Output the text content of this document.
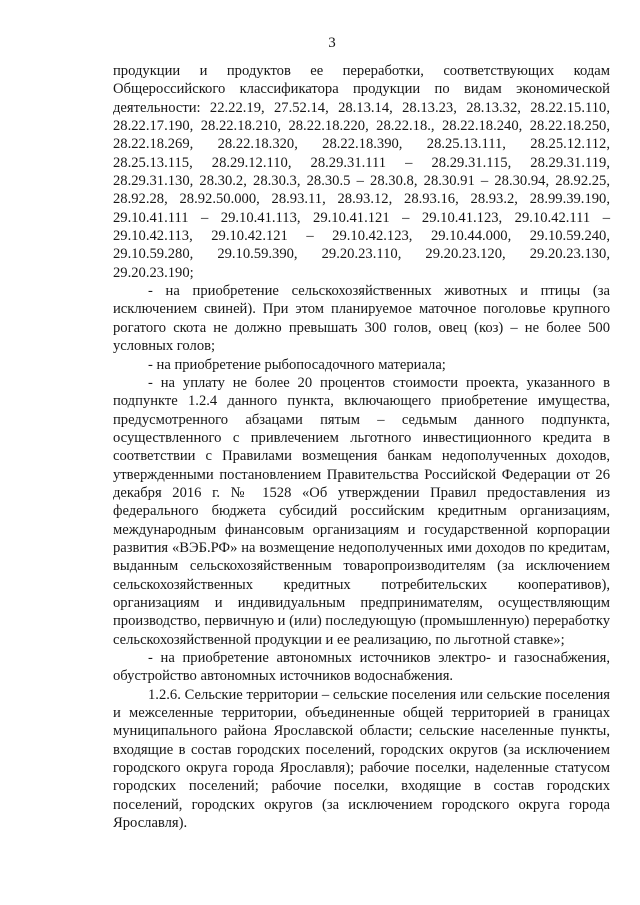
3

продукции и продуктов ее переработки, соответствующих кодам Общероссийского классификатора продукции по видам экономической деятельности: 22.22.19, 27.52.14, 28.13.14, 28.13.23, 28.13.32, 28.22.15.110, 28.22.17.190, 28.22.18.210, 28.22.18.220, 28.22.18., 28.22.18.240, 28.22.18.250, 28.22.18.269, 28.22.18.320, 28.22.18.390, 28.25.13.111, 28.25.12.112, 28.25.13.115, 28.29.12.110, 28.29.31.111 – 28.29.31.115, 28.29.31.119, 28.29.31.130, 28.30.2, 28.30.3, 28.30.5 – 28.30.8, 28.30.91 – 28.30.94, 28.92.25, 28.92.28, 28.92.50.000, 28.93.11, 28.93.12, 28.93.16, 28.93.2, 28.99.39.190, 29.10.41.111 – 29.10.41.113, 29.10.41.121 – 29.10.41.123, 29.10.42.111 – 29.10.42.113, 29.10.42.121 – 29.10.42.123, 29.10.44.000, 29.10.59.240, 29.10.59.280, 29.10.59.390, 29.20.23.110, 29.20.23.120, 29.20.23.130, 29.20.23.190;

- на приобретение сельскохозяйственных животных и птицы (за исключением свиней). При этом планируемое маточное поголовье крупного рогатого скота не должно превышать 300 голов, овец (коз) – не более 500 условных голов;

- на приобретение рыбопосадочного материала;

- на уплату не более 20 процентов стоимости проекта, указанного в подпункте 1.2.4 данного пункта, включающего приобретение имущества, предусмотренного абзацами пятым – седьмым данного подпункта, осуществленного с привлечением льготного инвестиционного кредита в соответствии с Правилами возмещения банкам недополученных доходов, утвержденными постановлением Правительства Российской Федерации от 26 декабря 2016 г. № 1528 «Об утверждении Правил предоставления из федерального бюджета субсидий российским кредитным организациям, международным финансовым организациям и государственной корпорации развития «ВЭБ.РФ» на возмещение недополученных ими доходов по кредитам, выданным сельскохозяйственным товаропроизводителям (за исключением сельскохозяйственных кредитных потребительских кооперативов), организациям и индивидуальным предпринимателям, осуществляющим производство, первичную и (или) последующую (промышленную) переработку сельскохозяйственной продукции и ее реализацию, по льготной ставке»;

- на приобретение автономных источников электро- и газоснабжения, обустройство автономных источников водоснабжения.

1.2.6. Сельские территории – сельские поселения или сельские поселения и межселенные территории, объединенные общей территорией в границах муниципального района Ярославской области; сельские населенные пункты, входящие в состав городских поселений, городских округов (за исключением городского округа города Ярославля); рабочие поселки, наделенные статусом городских поселений; рабочие поселки, входящие в состав городских поселений, городских округов (за исключением городского округа города Ярославля).
